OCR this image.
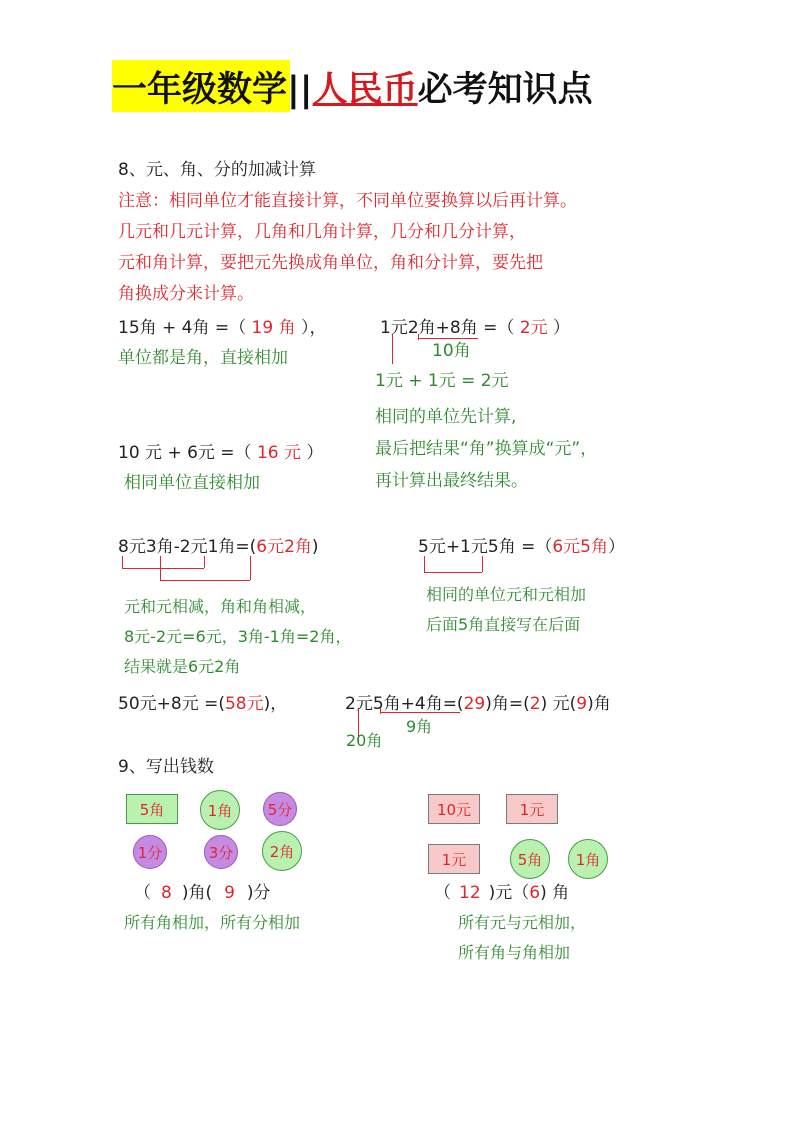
一年级数学||人民币必考知识点
8、元、角、分的加减计算
注意：相同单位才能直接计算，不同单位要换算以后再计算。
几元和几元计算，几角和几角计算，几分和几分计算，
元和角计算，要把元先换成角单位，角和分计算，要先把
角换成分来计算。
15角 + 4角 =（ 19 角 ），
单位都是角，直接相加
1元2角+8角 =（ 2元 ）
10角
1元 + 1元 = 2元
相同的单位先计算,
最后把结果“角”换算成“元”，
再计算出最终结果。
10 元 + 6元 =（ 16 元 ）
相同单位直接相加
8元3角-2元1角=(6元2角)
元和元相减，角和角相减，
8元-2元=6元，3角-1角=2角，
结果就是6元2角
5元+1元5角 =（6元5角）
相同的单位元和元相加
后面5角直接写在后面
50元+8元 =(58元)，	2元5角+4角=(29)角=(2) 元(9)角
9角
20角
9、写出钱数
5角	1角	5分
1分	3分	2角
（ 8 )角( 9 )分
所有角相加，所有分相加
10元	1元
1元	5角	1角
（ 12 )元（6) 角
所有元与元相加，
所有角与角相加
